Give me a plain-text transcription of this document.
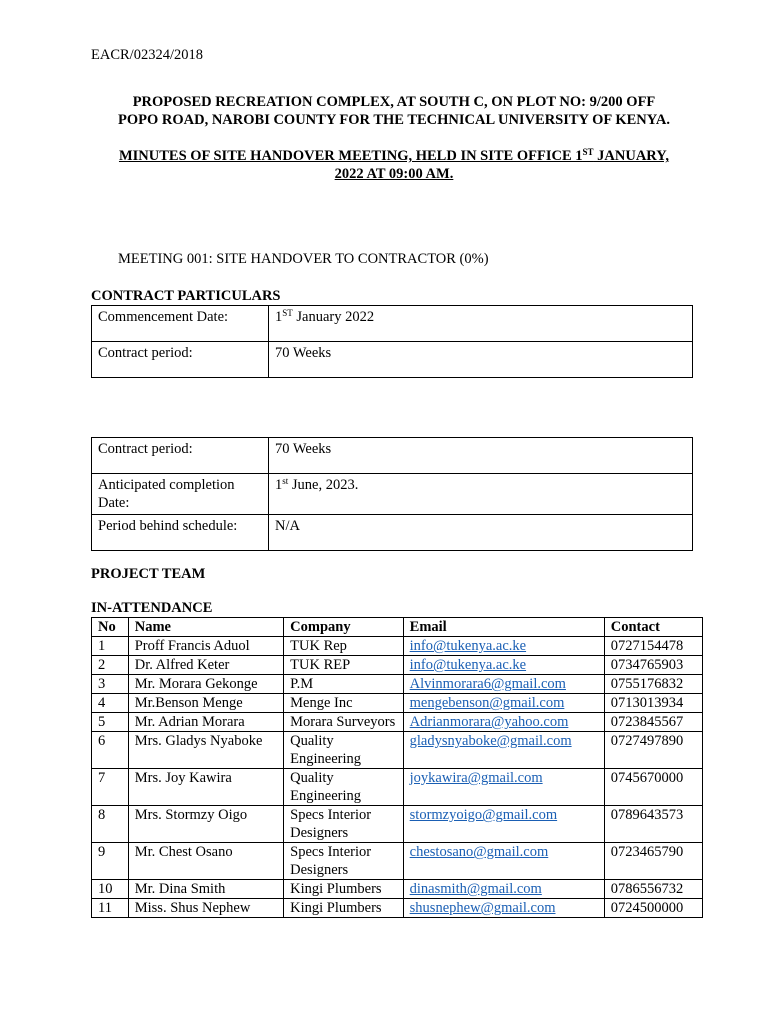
EACR/02324/2018
PROPOSED RECREATION COMPLEX, AT SOUTH C, ON PLOT NO: 9/200 OFF
POPO ROAD, NAROBI COUNTY FOR THE TECHNICAL UNIVERSITY OF KENYA.
MINUTES OF SITE HANDOVER MEETING, HELD IN SITE OFFICE 1ST JANUARY,
2022 AT 09:00 AM.
MEETING 001: SITE HANDOVER TO CONTRACTOR (0%)
CONTRACT PARTICULARS
Commencement Date:	1ST January 2022
Contract period:	70 Weeks
Contract period:	70 Weeks
Anticipated completion Date:	1st June, 2023.
Period behind schedule:	N/A
PROJECT TEAM
IN-ATTENDANCE
No	Name	Company	Email	Contact
1	Proff Francis Aduol	TUK Rep	info@tukenya.ac.ke	0727154478
2	Dr. Alfred Keter	TUK REP	info@tukenya.ac.ke	0734765903
3	Mr. Morara Gekonge	P.M	Alvinmorara6@gmail.com	0755176832
4	Mr.Benson Menge	Menge Inc	mengebenson@gmail.com	0713013934
5	Mr. Adrian Morara	Morara Surveyors	Adrianmorara@yahoo.com	0723845567
6	Mrs. Gladys Nyaboke	Quality Engineering	gladysnyaboke@gmail.com	0727497890
7	Mrs. Joy Kawira	Quality Engineering	joykawira@gmail.com	0745670000
8	Mrs. Stormzy Oigo	Specs Interior Designers	stormzyoigo@gmail.com	0789643573
9	Mr. Chest Osano	Specs Interior Designers	chestosano@gmail.com	0723465790
10	Mr. Dina Smith	Kingi Plumbers	dinasmith@gmail.com	0786556732
11	Miss. Shus Nephew	Kingi Plumbers	shusnephew@gmail.com	0724500000
